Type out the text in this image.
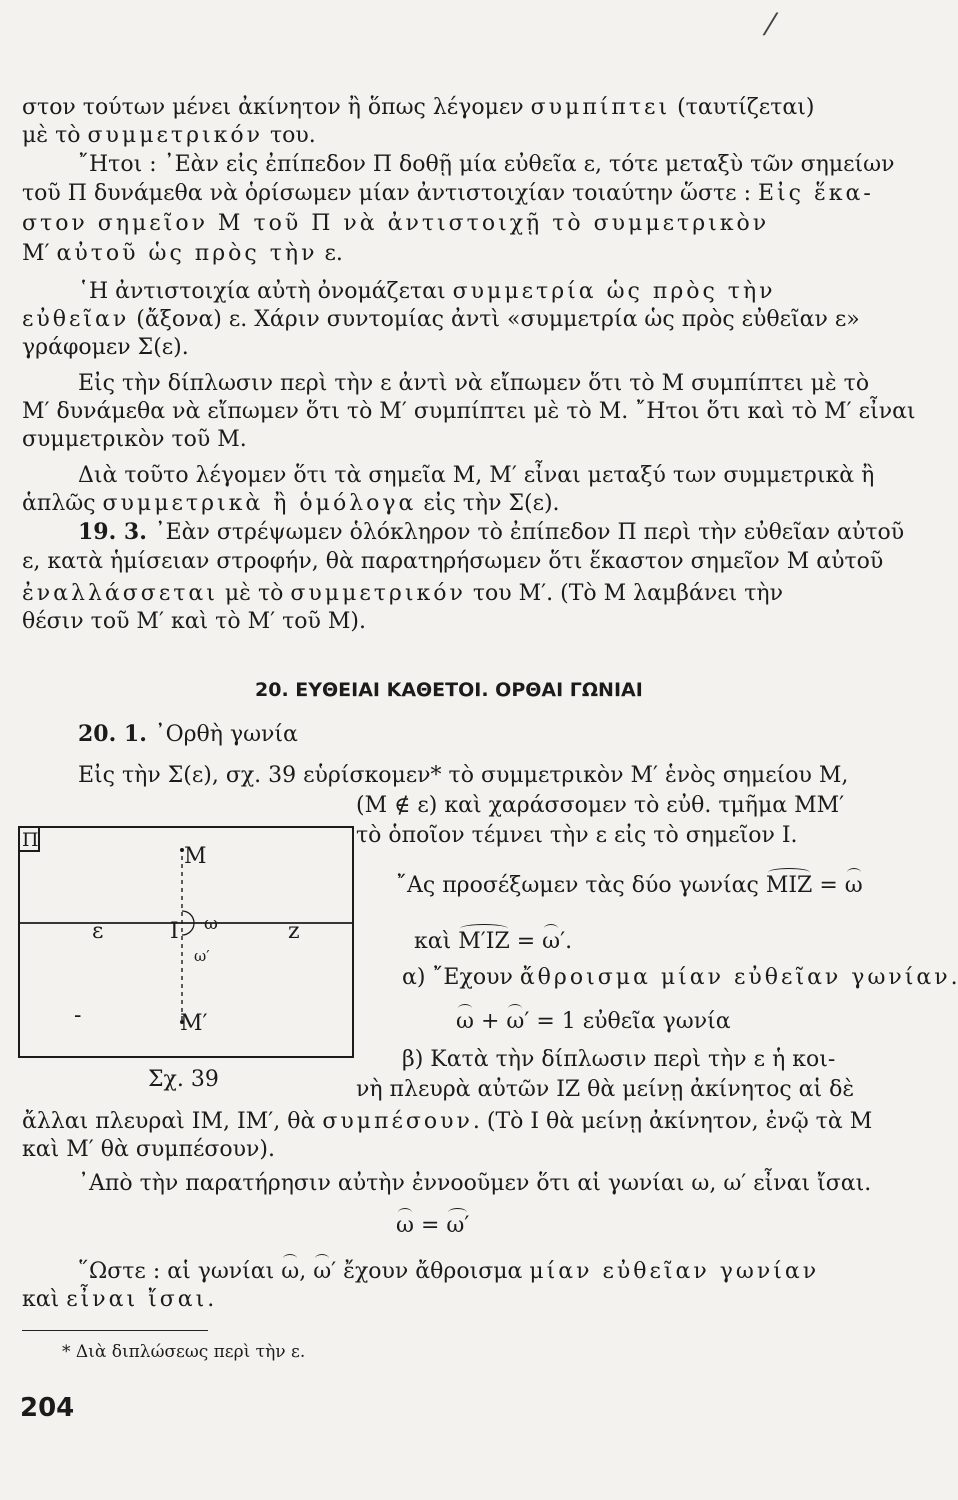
⁄

στον τούτων μένει ἀκίνητον ἢ ὅπως λέγομεν συμπίπτει (ταυτίζεται)

μὲ τὸ συμμετρικόν του.

῎Ητοι : ᾿Εὰν εἰς ἐπίπεδον Π δοθῇ μία εὐθεῖα ε, τότε μεταξὺ τῶν σημείων

τοῦ Π δυνάμεθα νὰ ὁρίσωμεν μίαν ἀντιστοιχίαν τοιαύτην ὥστε : Εἰς ἕκα-

στον σημεῖον Μ τοῦ Π νὰ ἀντιστοιχῇ τὸ συμμετρικὸν

Μ′ αὐτοῦ ὡς πρὸς τὴν ε.

῾Η ἀντιστοιχία αὐτὴ ὀνομάζεται συμμετρία ὡς πρὸς τὴν

εὐθεῖαν (ἄξονα) ε. Χάριν συντομίας ἀντὶ «συμμετρία ὡς πρὸς εὐθεῖαν ε»

γράφομεν Σ(ε).

Εἰς τὴν δίπλωσιν περὶ τὴν ε ἀντὶ νὰ εἴπωμεν ὅτι τὸ Μ συμπίπτει μὲ τὸ

Μ′ δυνάμεθα νὰ εἴπωμεν ὅτι τὸ Μ′ συμπίπτει μὲ τὸ Μ. ῎Ητοι ὅτι καὶ τὸ Μ′ εἶναι

συμμετρικὸν τοῦ Μ.

Διὰ τοῦτο λέγομεν ὅτι τὰ σημεῖα Μ, Μ′ εἶναι μεταξύ των συμμετρικὰ ἢ

ἁπλῶς συμμετρικὰ ἢ ὁμόλογα εἰς τὴν Σ(ε).

19. 3. ᾿Εὰν στρέψωμεν ὁλόκληρον τὸ ἐπίπεδον Π περὶ τὴν εὐθεῖαν αὐτοῦ

ε, κατὰ ἡμίσειαν στροφήν, θὰ παρατηρήσωμεν ὅτι ἕκαστον σημεῖον Μ αὐτοῦ

ἐναλλάσσεται μὲ τὸ συμμετρικόν του Μ′. (Τὸ Μ λαμβάνει τὴν

θέσιν τοῦ Μ′ καὶ τὸ Μ′ τοῦ Μ).

20. ΕΥΘΕΙΑΙ ΚΑΘΕΤΟΙ. ΟΡΘΑΙ ΓΩΝΙΑΙ

20. 1. ᾿Ορθὴ γωνία

Εἰς τὴν Σ(ε), σχ. 39 εὑρίσκομεν* τὸ συμμετρικὸν Μ′ ἑνὸς σημείου Μ,

(Μ ∉ ε) καὶ χαράσσομεν τὸ εὐθ. τμῆμα ΜΜ′

τὸ ὁποῖον τέμνει τὴν ε εἰς τὸ σημεῖον Ι.

῎Ας προσέξωμεν τὰς δύο γωνίας ΜΙΖ = ω

καὶ Μ′ΙΖ = ω′.

α) ῎Εχουν ἄθροισμα μίαν εὐθεῖαν γωνίαν.

ω + ω′ = 1 εὐθεῖα γωνία

β) Κατὰ τὴν δίπλωσιν περὶ τὴν ε ἡ κοι-

νὴ πλευρὰ αὐτῶν ΙΖ θὰ μείνῃ ἀκίνητος αἱ δὲ

ἄλλαι πλευραὶ ΙΜ, ΙΜ′, θὰ συμπέσουν. (Τὸ Ι θὰ μείνῃ ἀκίνητον, ἐνῷ τὰ Μ

καὶ Μ′ θὰ συμπέσουν).

᾿Απὸ τὴν παρατήρησιν αὐτὴν ἐννοοῦμεν ὅτι αἱ γωνίαι ω, ω′ εἶναι ἴσαι.

ω = ω′

῞Ωστε : αἱ γωνίαι ω, ω′ ἔχουν ἄθροισμα μίαν εὐθεῖαν γωνίαν

καὶ εἶναι ἴσαι.

* Διὰ διπλώσεως περὶ τὴν ε.

204

Π
Μ
ε	Ι ω
ω′
z
-	Μ′
Σχ. 39
